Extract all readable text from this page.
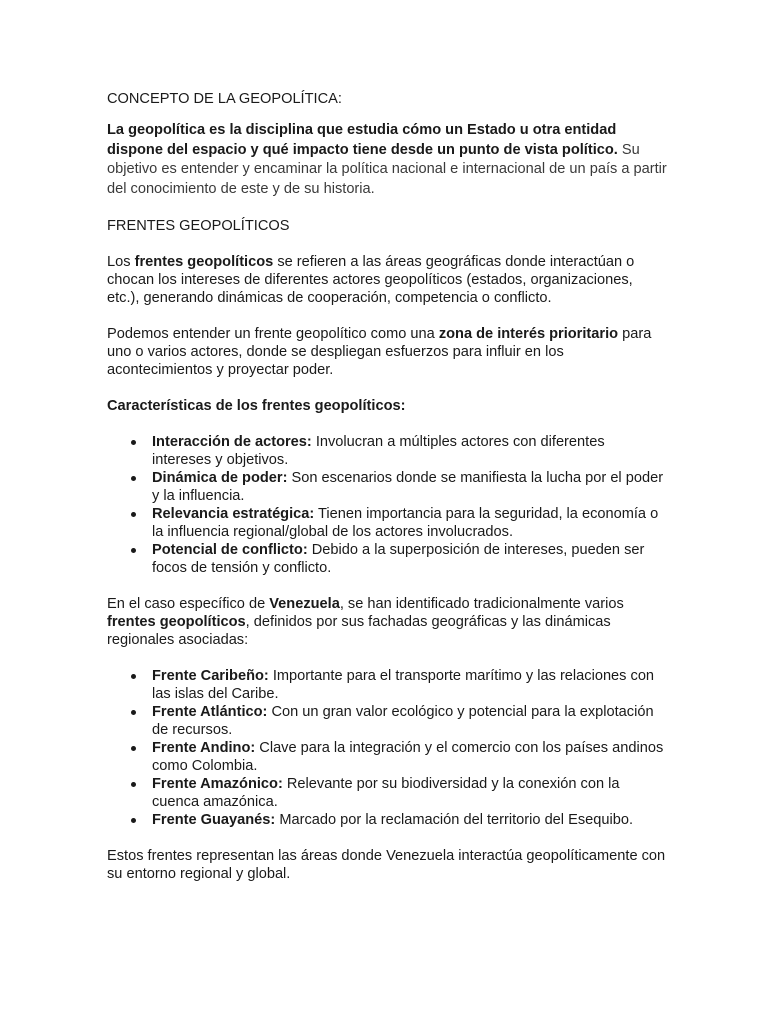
CONCEPTO DE LA GEOPOLÍTICA:

La geopolítica es la disciplina que estudia cómo un Estado u otra entidad dispone del espacio y qué impacto tiene desde un punto de vista político. Su objetivo es entender y encaminar la política nacional e internacional de un país a partir del conocimiento de este y de su historia.

FRENTES GEOPOLÍTICOS

Los frentes geopolíticos se refieren a las áreas geográficas donde interactúan o chocan los intereses de diferentes actores geopolíticos (estados, organizaciones, etc.), generando dinámicas de cooperación, competencia o conflicto.

Podemos entender un frente geopolítico como una zona de interés prioritario para uno o varios actores, donde se despliegan esfuerzos para influir en los acontecimientos y proyectar poder.

Características de los frentes geopolíticos:

Interacción de actores: Involucran a múltiples actores con diferentes intereses y objetivos.
Dinámica de poder: Son escenarios donde se manifiesta la lucha por el poder y la influencia.
Relevancia estratégica: Tienen importancia para la seguridad, la economía o la influencia regional/global de los actores involucrados.
Potencial de conflicto: Debido a la superposición de intereses, pueden ser focos de tensión y conflicto.

En el caso específico de Venezuela, se han identificado tradicionalmente varios frentes geopolíticos, definidos por sus fachadas geográficas y las dinámicas regionales asociadas:

Frente Caribeño: Importante para el transporte marítimo y las relaciones con las islas del Caribe.
Frente Atlántico: Con un gran valor ecológico y potencial para la explotación de recursos.
Frente Andino: Clave para la integración y el comercio con los países andinos como Colombia.
Frente Amazónico: Relevante por su biodiversidad y la conexión con la cuenca amazónica.
Frente Guayanés: Marcado por la reclamación del territorio del Esequibo.

Estos frentes representan las áreas donde Venezuela interactúa geopolíticamente con su entorno regional y global.
